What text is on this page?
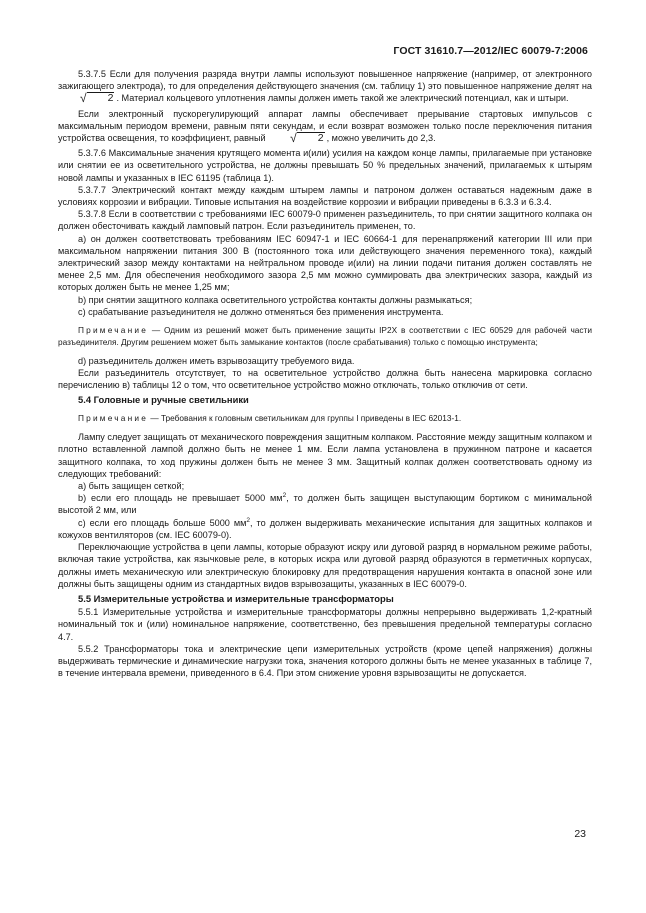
ГОСТ 31610.7—2012/IEC 60079-7:2006

5.3.7.5 Если для получения разряда внутри лампы используют повышенное напряжение (например, от электронного зажигающего электрода), то для определения действующего значения (см. таблицу 1) это повышенное напряжение делят на
√	2 . Материал кольцевого уплотнения лампы должен иметь такой же электрический потенциал, как и штыри.

Если электронный пускорегулирующий аппарат лампы обеспечивает прерывание стартовых импульсов с максимальным периодом времени, равным пяти секундам, и если возврат возможен только после переключения питания устройства освещения, то коэффициент, равный	√	2 , можно увеличить до 2,3.

5.3.7.6 Максимальные значения крутящего момента и(или) усилия на каждом конце лампы, прилагаемые при установке или снятии ее из осветительного устройства, не должны превышать 50 % предельных значений, прилагаемых к штырям новой лампы и указанных в IEC 61195 (таблица 1).

5.3.7.7 Электрический контакт между каждым штырем лампы и патроном должен оставаться надежным даже в условиях коррозии и вибрации. Типовые испытания на воздействие коррозии и вибрации приведены в 6.3.3 и 6.3.4.

5.3.7.8 Если в соответствии с требованиями IEC 60079-0 применен разъединитель, то при снятии защитного колпака он должен обесточивать каждый ламповый патрон. Если разъединитель применен, то.

а) он должен соответствовать требованиям IEC 60947-1 и IEC 60664-1 для перенапряжений категории III или при максимальном напряжении питания 300 В (постоянного тока или действующего значения переменного тока), каждый электрический зазор между контактами на нейтральном проводе и(или) на линии подачи питания должен составлять не менее 2,5 мм. Для обеспечения необходимого зазора 2,5 мм можно суммировать два электрических зазора, каждый из которых должен быть не менее 1,25 мм;

b) при снятии защитного колпака осветительного устройства контакты должны размыкаться;

с) срабатывание разъединителя не должно отменяться без применения инструмента.

Примечание — Одним из решений может быть применение защиты IP2X в соответствии с IEC 60529 для рабочей части разъединителя. Другим решением может быть замыкание контактов (после срабатывания) только с помощью инструмента;

d) разъединитель должен иметь взрывозащиту требуемого вида.

Если разъединитель отсутствует, то на осветительное устройство должна быть нанесена маркировка согласно перечислению в) таблицы 12 о том, что осветительное устройство можно отключать, только отключив от сети.

5.4 Головные и ручные светильники

Примечание — Требования к головным светильникам для группы I приведены в IEC 62013-1.

Лампу следует защищать от механического повреждения защитным колпаком. Расстояние между защитным колпаком и плотно вставленной лампой должно быть не менее 1 мм. Если лампа установлена в пружинном патроне и касается защитного колпака, то ход пружины должен быть не менее 3 мм. Защитный колпак должен соответствовать одному из следующих требований:

а) быть защищен сеткой;

b) если его площадь не превышает 5000 $мм^2$, то должен быть защищен выступающим бортиком с минимальной высотой 2 мм, или

с) если его площадь больше 5000 $мм^2$, то должен выдерживать механические испытания для защитных колпаков и кожухов вентиляторов (см. IEC 60079-0).

Переключающие устройства в цепи лампы, которые образуют искру или дуговой разряд в нормальном режиме работы, включая такие устройства, как язычковые реле, в которых искра или дуговой разряд образуются в герметичных корпусах, должны иметь механическую или электрическую блокировку для предотвращения нарушения контакта в опасной зоне или должны быть защищены одним из стандартных видов взрывозащиты, указанных в IEC 60079-0.

5.5 Измерительные устройства и измерительные трансформаторы

5.5.1 Измерительные устройства и измерительные трансформаторы должны непрерывно выдерживать 1,2-кратный номинальный ток и (или) номинальное напряжение, соответственно, без превышения предельной температуры согласно 4.7.

5.5.2 Трансформаторы тока и электрические цепи измерительных устройств (кроме цепей напряжения) должны выдерживать термические и динамические нагрузки тока, значения которого должны быть не менее указанных в таблице 7, в течение интервала времени, приведенного в 6.4. При этом снижение уровня взрывозащиты не допускается.

23
